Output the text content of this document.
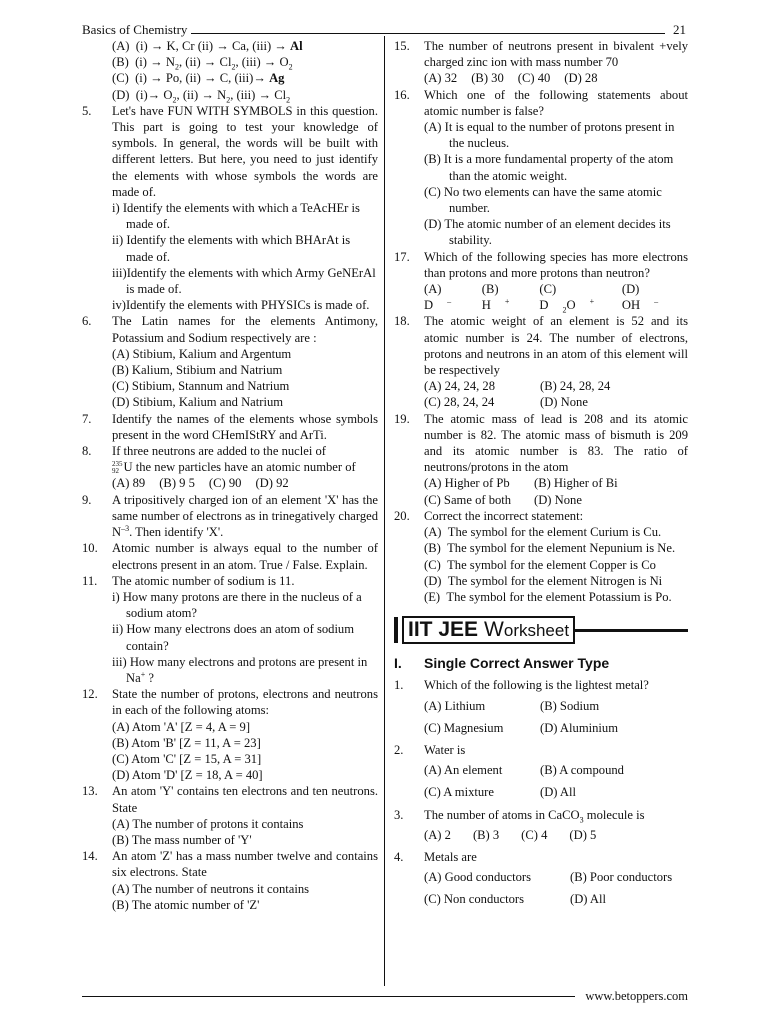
Basics of Chemistry	21
(A) (i) → K, Cr (ii) → Ca, (iii) → Al
(B) $(i) \to N_2$, $(ii) \to Cl_2$, $(iii) \to O_2$
(C) (i) → Po, (ii) → C, (iii)→ Ag
(D) $(i)\to O_2$, $(ii) \to N_2$, $(iii) \to Cl_2$
5.	Let's have FUN WITH SYMBOLS in this question. This part is going to test your knowledge of symbols. In general, the words will be built with different letters. But here, you need to just identify the elements with whose symbols the words are made of.
i) Identify the elements with which a TeAcHEr is made of.
ii) Identify the elements with which BHArAt is made of.
iii)Identify the elements with which Army GeNErAl is made of.
iv)Identify the elements with PHYSICs is made of.
6.	The Latin names for the elements Antimony, Potassium and Sodium respectively are :
(A) Stibium, Kalium and Argentum
(B) Kalium, Stibium and Natrium
(C) Stibium, Stannum and Natrium
(D) Stibium, Kalium and Natrium
7.	Identify the names of the elements whose symbols present in the word CHemIStRY and ArTi.
8.	If three neutrons are added to the nuclei of

235
92 U the new particles have an atomic number of
(A) 89 (B) 9 5 (C) 90 (D) 92
9.	A tripositively charged ion of an element 'X' has the same number of electrons as in trinegatively charged $N^{-3}$. Then identify 'X'.
10.	Atomic number is always equal to the number of electrons present in an atom. True / False. Explain.
11.	The atomic number of sodium is 11.
i) How many protons are there in the nucleus of a sodium atom?
ii) How many electrons does an atom of sodium contain?
iii) How many electrons and protons are present in Na+ ?
12.	State the number of protons, electrons and neutrons in each of the following atoms:
(A) Atom 'A' [Z = 4, A = 9]
(B) Atom 'B' [Z = 11, A = 23]
(C) Atom 'C' [Z = 15, A = 31]
(D) Atom 'D' [Z = 18, A = 40]
13.	An atom 'Y' contains ten electrons and ten neutrons. State
(A) The number of protons it contains
(B) The mass number of 'Y'
14.	An atom 'Z' has a mass number twelve and contains six electrons. State
(A) The number of neutrons it contains
(B) The atomic number of 'Z'
15.	The number of neutrons present in bivalent +vely charged zinc ion with mass number 70
(A) 32 (B) 30 (C) 40 (D) 28
16.	Which one of the following statements about atomic number is false?
(A) It is equal to the number of protons present in the nucleus.
(B) It is a more fundamental property of the atom than the atomic weight.
(C) No two elements can have the same atomic number.
(D) The atomic number of an element decides its stability.
17.	Which of the following species has more electrons than protons and more protons than neutron?
(A) D –
(B) H +
(C) D $_2$O +
(D) OH –
18.	The atomic weight of an element is 52 and its atomic number is 24. The number of electrons, protons and neutrons in an atom of this element will be respectively
(A) 24, 24, 28	(B) 24, 28, 24
(C) 28, 24, 24	(D) None
19.	The atomic mass of lead is 208 and its atomic number is 82. The atomic mass of bismuth is 209 and its atomic number is 83. The ratio of neutrons/protons in the atom
(A) Higher of Pb	(B) Higher of Bi
(C) Same of both	(D) None
20.	Correct the incorrect statement:
(A)  The symbol for the element Curium is Cu.
(B)  The symbol for the element Nepunium is Ne.
(C)  The symbol for the element Copper is Co
(D)  The symbol for the element Nitrogen is Ni
(E)  The symbol for the element Potassium is Po.
IIT JEE Worksheet
I.	Single Correct Answer Type
1.	Which of the following is the lightest metal?
(A) Lithium	(B) Sodium
(C) Magnesium	(D) Aluminium
2.	Water is
(A) An element	(B) A compound
(C) A mixture	(D) All
3.	The number of atoms in CaCO$_3$ molecule is
(A) 2 (B) 3 (C) 4 (D) 5
4.	Metals are
(A) Good conductors	(B) Poor conductors
(C) Non conductors	(D) All
www.betoppers.com
